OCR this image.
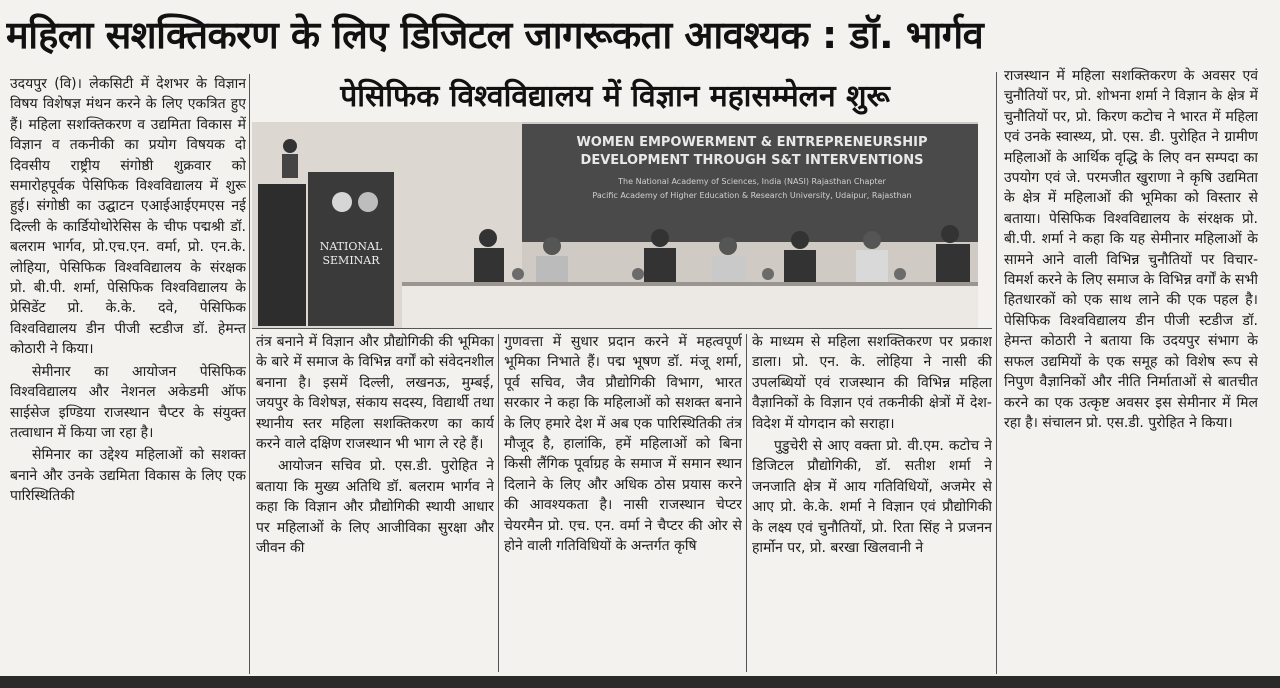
महिला सशक्तिकरण के लिए डिजिटल जागरूकता आवश्यक : डॉ. भार्गव

उदयपुर (वि)। लेकसिटी में देशभर के विज्ञान विषय विशेषज्ञ मंथन करने के लिए एकत्रित हुए हैं। महिला सशक्तिकरण व उद्यमिता विकास में विज्ञान व तकनीकी का प्रयोग विषयक दो दिवसीय राष्ट्रीय संगोष्ठी शुक्रवार को समारोहपूर्वक पेसिफिक विश्वविद्यालय में शुरू हुई। संगोष्ठी का उद्घाटन एआईआईएमएस नई दिल्ली के कार्डियोथोरेसिस के चीफ पद्मश्री डॉ. बलराम भार्गव, प्रो.एच.एन. वर्मा, प्रो. एन.के. लोहिया, पेसिफिक विश्वविद्यालय के संरक्षक प्रो. बी.पी. शर्मा, पेसिफिक विश्वविद्यालय के प्रेसिडेंट प्रो. के.के. दवे, पेसिफिक विश्वविद्यालय डीन पीजी स्टडीज डॉ. हेमन्त कोठारी ने किया।

सेमीनार का आयोजन पेसिफिक विश्वविद्यालय और नेशनल अकेडमी ऑफ साईसेज इण्डिया राजस्थान चैप्टर के संयुक्त तत्वाधान में किया जा रहा है।

सेमिनार का उद्देश्य महिलाओं को सशक्त बनाने और उनके उद्यमिता विकास के लिए एक पारिस्थितिकी

पेसिफिक विश्वविद्यालय में विज्ञान महासम्मेलन शुरू
WOMEN EMPOWERMENT & ENTREPRENEURSHIP
DEVELOPMENT THROUGH S&T INTERVENTIONS
The National Academy of Sciences, India (NASI) Rajasthan Chapter
Pacific Academy of Higher Education & Research University, Udaipur, Rajasthan
NATIONAL
SEMINAR

तंत्र बनाने में विज्ञान और प्रौद्योगिकी की भूमिका के बारे में समाज के विभिन्न वर्गों को संवेदनशील बनाना है। इसमें दिल्ली, लखनऊ, मुम्बई, जयपुर के विशेषज्ञ, संकाय सदस्य, विद्यार्थी तथा स्थानीय स्तर महिला सशक्तिकरण का कार्य करने वाले दक्षिण राजस्थान भी भाग ले रहे हैं।

आयोजन सचिव प्रो. एस.डी. पुरोहित ने बताया कि मुख्य अतिथि डॉ. बलराम भार्गव ने कहा कि विज्ञान और प्रौद्योगिकी स्थायी आधार पर महिलाओं के लिए आजीविका सुरक्षा और जीवन की

गुणवत्ता में सुधार प्रदान करने में महत्वपूर्ण भूमिका निभाते हैं। पद्म भूषण डॉ. मंजू शर्मा, पूर्व सचिव, जैव प्रौद्योगिकी विभाग, भारत सरकार ने कहा कि महिलाओं को सशक्त बनाने के लिए हमारे देश में अब एक पारिस्थितिकी तंत्र मौजूद है, हालांकि, हमें महिलाओं को बिना किसी लैंगिक पूर्वाग्रह के समाज में समान स्थान दिलाने के लिए और अधिक ठोस प्रयास करने की आवश्यकता है। नासी राजस्थान चेप्टर चेयरमैन प्रो. एच. एन. वर्मा ने चैप्टर की ओर से होने वाली गतिविधियों के अन्तर्गत कृषि

के माध्यम से महिला सशक्तिकरण पर प्रकाश डाला। प्रो. एन. के. लोहिया ने नासी की उपलब्धियों एवं राजस्थान की विभिन्न महिला वैज्ञानिकों के विज्ञान एवं तकनीकी क्षेत्रों में देश-विदेश में योगदान को सराहा।

पुडुचेरी से आए वक्ता प्रो. वी.एम. कटोच ने डिजिटल प्रौद्योगिकी, डॉ. सतीश शर्मा ने जनजाति क्षेत्र में आय गतिविधियों, अजमेर से आए प्रो. के.के. शर्मा ने विज्ञान एवं प्रौद्योगिकी के लक्ष्य एवं चुनौतियों, प्रो. रिता सिंह ने प्रजनन हार्मोन पर, प्रो. बरखा खिलवानी ने

राजस्थान में महिला सशक्तिकरण के अवसर एवं चुनौतियों पर, प्रो. शोभना शर्मा ने विज्ञान के क्षेत्र में चुनौतियों पर, प्रो. किरण कटोच ने भारत में महिला एवं उनके स्वास्थ्य, प्रो. एस. डी. पुरोहित ने ग्रामीण महिलाओं के आर्थिक वृद्धि के लिए वन सम्पदा का उपयोग एवं जे. परमजीत खुराणा ने कृषि उद्यमिता के क्षेत्र में महिलाओं की भूमिका को विस्तार से बताया। पेसिफिक विश्वविद्यालय के संरक्षक प्रो. बी.पी. शर्मा ने कहा कि यह सेमीनार महिलाओं के सामने आने वाली विभिन्न चुनौतियों पर विचार-विमर्श करने के लिए समाज के विभिन्न वर्गों के सभी हितधारकों को एक साथ लाने की एक पहल है। पेसिफिक विश्वविद्यालय डीन पीजी स्टडीज डॉ. हेमन्त कोठारी ने बताया कि उदयपुर संभाग के सफल उद्यमियों के एक समूह को विशेष रूप से निपुण वैज्ञानिकों और नीति निर्माताओं से बातचीत करने का एक उत्कृष्ट अवसर इस सेमीनार में मिल रहा है। संचालन प्रो. एस.डी. पुरोहित ने किया।
